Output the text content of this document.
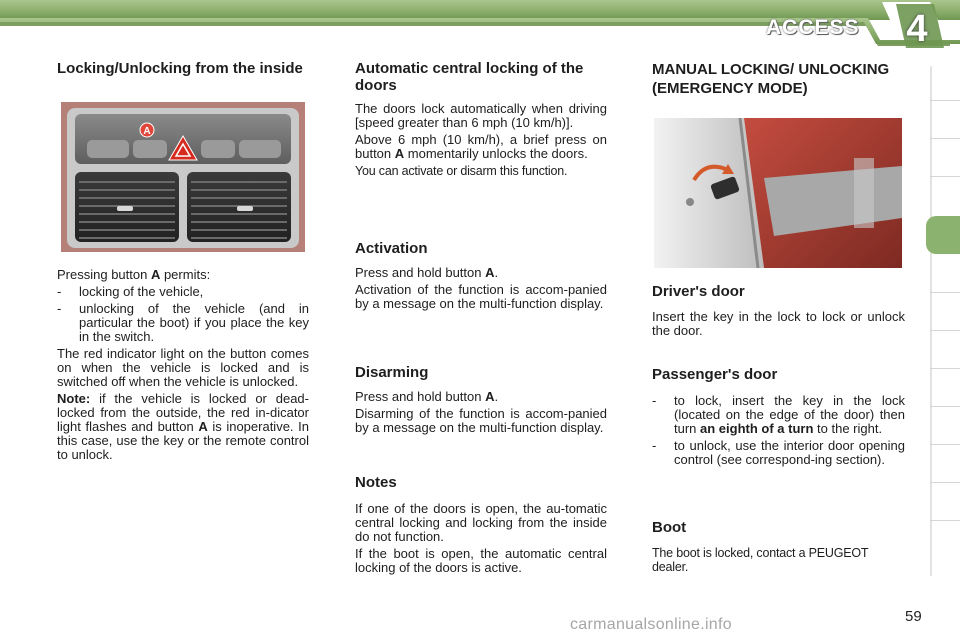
ACCESS	4
Locking/Unlocking from the inside
A

Pressing button A permits:

-	locking of the vehicle,
-	unlocking of the vehicle (and in particular the boot) if you place the key in the switch.

The red indicator light on the button comes on when the vehicle is locked and is switched off when the vehicle is unlocked.

Note: if the vehicle is locked or dead-locked from the outside, the red in-dicator light flashes and button A is inoperative. In this case, use the key or the remote control to unlock.

Automatic central locking of the doors

The doors lock automatically when driving [speed greater than 6 mph (10 km/h)].

Above 6 mph (10 km/h), a brief press on button A momentarily unlocks the doors.

You can activate or disarm this function.

Activation

Press and hold button A.

Activation of the function is accom-panied by a message on the multi-function display.

Disarming

Press and hold button A.

Disarming of the function is accom-panied by a message on the multi-function display.

Notes

If one of the doors is open, the au-tomatic central locking and locking from the inside do not function.

If the boot is open, the automatic central locking of the doors is active.

MANUAL LOCKING/ UNLOCKING (EMERGENCY MODE)
Driver's door

Insert the key in the lock to lock or unlock the door.

Passenger's door
-	to lock, insert the key in the lock (located on the edge of the door) then turn an eighth of a turn to the right.
-	to unlock, use the interior door opening control (see correspond-ing section).
Boot

The boot is locked, contact a PEUGEOT dealer.

carmanualsonline.info	59
